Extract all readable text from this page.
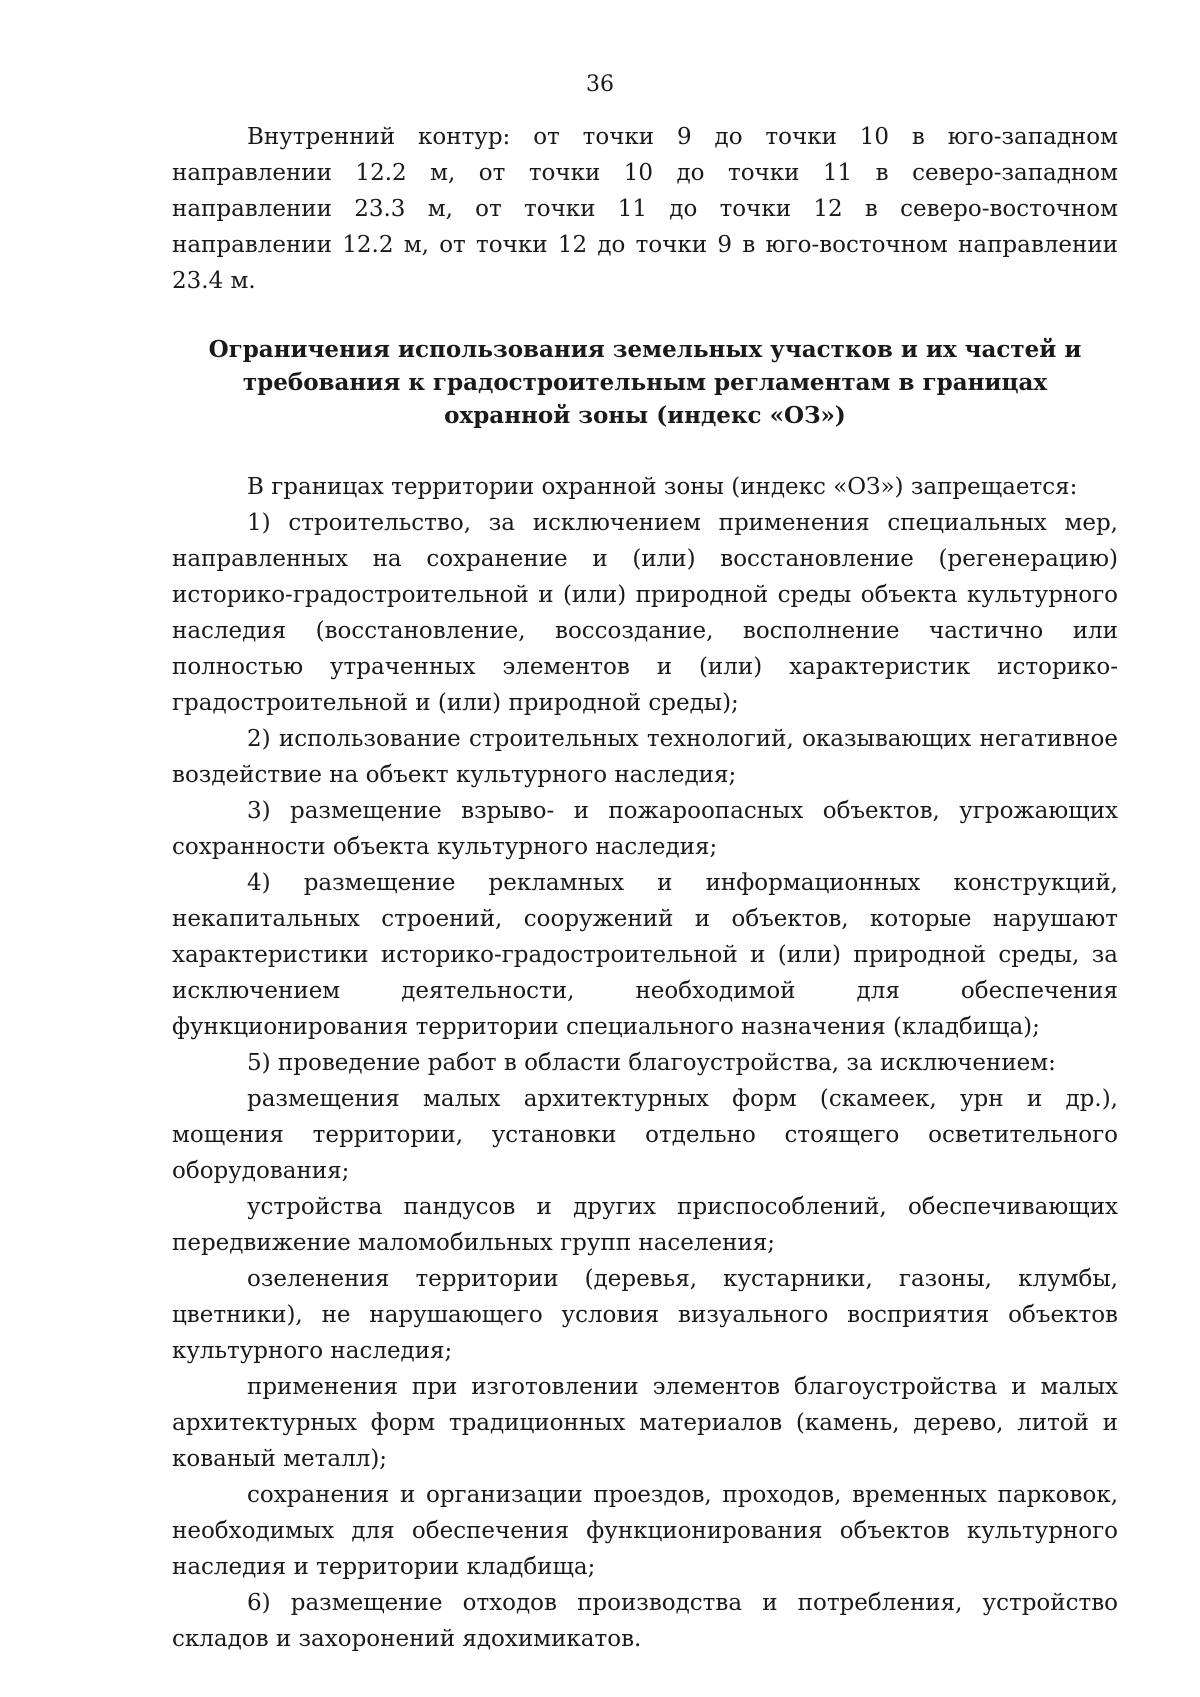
36

Внутренний контур: от точки 9 до точки 10 в юго-западном направлении 12.2 м, от точки 10 до точки 11 в северо-западном направлении 23.3 м, от точки 11 до точки 12 в северо-восточном направлении 12.2 м, от точки 12 до точки 9 в юго-восточном направлении 23.4 м.

Ограничения использования земельных участков и их частей и
требования к градостроительным регламентам в границах
охранной зоны (индекс «ОЗ»)

В границах территории охранной зоны (индекс «ОЗ») запрещается:

1) строительство, за исключением применения специальных мер, направленных на сохранение и (или) восстановление (регенерацию) историко-градостроительной и (или) природной среды объекта культурного наследия (восстановление, воссоздание, восполнение частично или полностью утраченных элементов и (или) характеристик историко-градостроительной и (или) природной среды);

2) использование строительных технологий, оказывающих негативное воздействие на объект культурного наследия;

3) размещение взрыво- и пожароопасных объектов, угрожающих сохранности объекта культурного наследия;

4) размещение рекламных и информационных конструкций, некапитальных строений, сооружений и объектов, которые нарушают характеристики историко-градостроительной и (или) природной среды, за исключением деятельности, необходимой для обеспечения функционирования территории специального назначения (кладбища);

5) проведение работ в области благоустройства, за исключением:

размещения малых архитектурных форм (скамеек, урн и др.), мощения территории, установки отдельно стоящего осветительного оборудования;

устройства пандусов и других приспособлений, обеспечивающих передвижение маломобильных групп населения;

озеленения территории (деревья, кустарники, газоны, клумбы, цветники), не нарушающего условия визуального восприятия объектов культурного наследия;

применения при изготовлении элементов благоустройства и малых архитектурных форм традиционных материалов (камень, дерево, литой и кованый металл);

сохранения и организации проездов, проходов, временных парковок, необходимых для обеспечения функционирования объектов культурного наследия и территории кладбища;

6) размещение отходов производства и потребления, устройство складов и захоронений ядохимикатов.
